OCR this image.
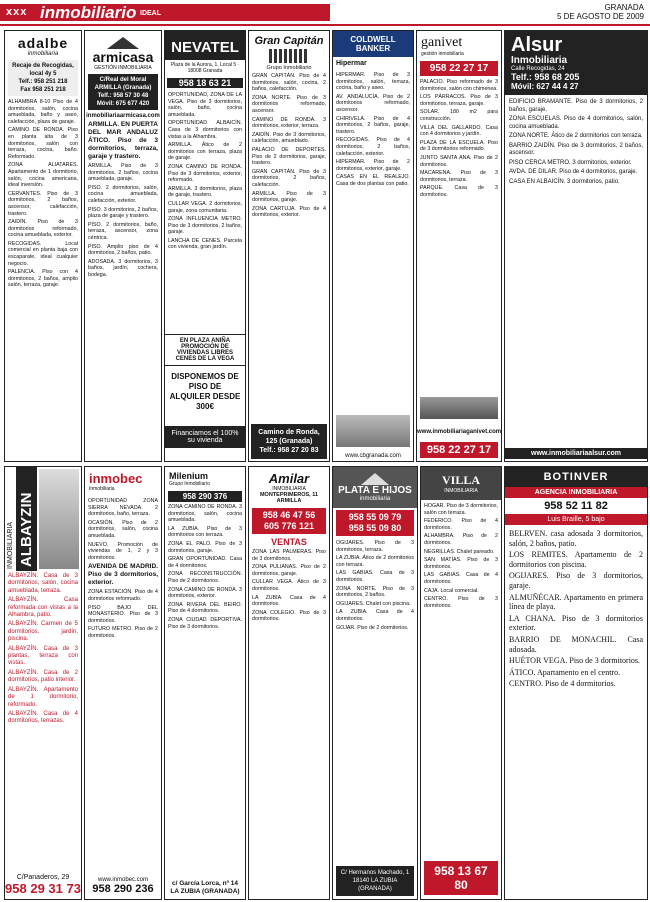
xxx inmobiliario IDEAL
GRANADA
5 DE AGOSTO DE 2009
adalbe
inmobiliaria
Recaje de Recogidas, local 4y 5
Telf.: 958 251 218
Fax 958 251 218

ALHAMBRA 8-10 Piso de 4 dormitorios, salón, cocina amueblada, baño y aseo, calefacción, plaza de garaje.

CAMINO DE RONDA. Piso en planta alta de 3 dormitorios, salón con terraza, cocina, baño. Reformado.

ZONA ALIATARES. Apartamento de 1 dormitorio, salón, cocina americana, ideal inversión.

CERVANTES. Piso de 3 dormitorios, 2 baños, ascensor, calefacción, trastero.

ZAIDÍN. Piso de 3 dormitorios reformado, cocina amueblada, exterior.

RECOGIDAS. Local comercial en planta baja con escaparate, ideal cualquier negocio.

PALENCIA. Piso con 4 dormitorios, 2 baños, amplio salón, terraza, garaje.

armicasa
GESTIÓN INMOBILIARIA
C/Real del Moral ARMILLA (Granada)
Telf.: 958 57 30 48
Móvil: 675 677 420
inmobiliariaarmicasa.com

ARMILLA. EN PUERTA DEL MAR ANDALUZ ÁTICO. Piso de 3 dormitorios, terraza, garaje y trastero.

ARMILLA. Piso de 3 dormitorios, 2 baños, cocina amueblada, garaje.

PISO. 2 dormitorios, salón, cocina amueblada, calefacción, exterior.

PISO. 3 dormitorios, 2 baños, plaza de garaje y trastero.

PISO. 2 dormitorios, baño, terraza, ascensor, zona céntrica.

PISO. Amplio piso de 4 dormitorios, 2 baños, patio.

ADOSADA. 3 dormitorios, 3 baños, jardín, cochera, bodega.

NEVATEL
Plaza de la Aurora, 1. Local 5 · 18008 Granada
958 18 63 21

OPORTUNIDAD, ZONA DE LA VEGA. Piso de 3 dormitorios, salón, baño, cocina amueblada.

OPORTUNIDAD ALBAICÍN. Casa de 3 dormitorios con vistas a la Alhambra.

ARMILLA. Ático de 2 dormitorios con terraza, plaza de garaje.

ZONA CAMINO DE RONDA. Piso de 3 dormitorios, exterior, reformado.

ARMILLA. 3 dormitorios, plaza de garaje, trastero.

CULLAR VEGA. 2 dormitorios, garaje, zona comunitaria.

ZONA INFLUENCIA METRO. Piso de 3 dormitorios, 2 baños, garaje.

LANCHA DE CENES. Parcela con vivienda, gran jardín.

EN PLAZA ANIÑA PROMOCIÓN DE VIVIENDAS LIBRES CENES DE LA VEGA
DISPONEMOS DE PISO DE ALQUILER DESDE 300€
Financiamos el 100% su vivienda
Gran Capitán
Grupo Inmobiliario

GRAN CAPITÁN. Piso de 4 dormitorios, salón, cocina, 2 baños, calefacción.

ZONA NORTE. Piso de 3 dormitorios reformado, ascensor.

CAMINO DE RONDA. 3 dormitorios, exterior, terraza.

ZAIDÍN. Piso de 3 dormitorios, calefacción, amueblado.

PALACIO DE DEPORTES. Piso de 2 dormitorios, garaje, trastero.

GRAN CAPITÁN. Piso de 3 dormitorios, 2 baños, calefacción.

ARMILLA. Piso de 3 dormitorios, garaje.

ZONA CARTUJA. Piso de 4 dormitorios, exterior.

Camino de Ronda, 125 (Granada)
Telf.: 958 27 20 83
COLDWELL BANKER
Hipermar

HIPERMAR. Piso de 3 dormitorios, salón, terraza, cocina, baño y aseo.

AV. ANDALUCÍA. Piso de 2 dormitorios reformado, ascensor.

CHIRIVELA. Piso de 4 dormitorios, 2 baños, garaje, trastero.

RECOGIDAS. Piso de 4 dormitorios, 2 baños, calefacción, exterior.

HIPERMAR. Piso de 2 dormitorios, exterior, garaje.

CASAS EN EL REALEJO. Casa de dos plantas con patio.

www.cbgranada.com
ganivet
gestión inmobiliaria
958 22 27 17

PALACIO. Piso reformado de 3 dormitorios, salón con chimenea.

LOS PÁRRACOS. Piso de 3 dormitorios, terraza, garaje.

SOLAR. 180 m2 para construcción.

VILLA DEL GALLARDO. Casa con 4 dormitorios y jardín.

PLAZA DE LA ESCUELA. Piso de 3 dormitorios reformado.

JUNTO SANTA ANA. Piso de 2 dormitorios.

MACARENA. Piso de 3 dormitorios, terraza.

PARQUE. Casa de 3 dormitorios.

www.inmobiliariaganivet.com
958 22 27 17
Alsur
Inmobiliaria
Calle Recogidas, 24
Telf.: 958 68 205
Móvil: 627 44 4 27

EDIFICIO BRAMANTE. Piso de 3 dormitorios, 2 baños, garaje.

ZONA ESCUELAS. Piso de 4 dormitorios, salón, cocina amueblada.

ZONA NORTE. Ático de 2 dormitorios con terraza.

BARRIO ZAIDÍN. Piso de 3 dormitorios, 2 baños, ascensor.

PISO CERCA METRO. 3 dormitorios, exterior.

AVDA. DE DILAR. Piso de 4 dormitorios, garaje.

CASA EN ALBAICÍN. 3 dormitorios, patio.

www.inmobiliariaalsur.com
INMOBILIARIA ALBAYZIN

ALBAYZÍN. Casa de 3 dormitorios, salón, cocina amueblada, terraza.

ALBAYZÍN. Casa reformada con vistas a la Alhambra, patio.

ALBAYZÍN. Carmen de 5 dormitorios, jardín, piscina.

ALBAYZÍN. Casa de 3 plantas, terraza con vistas.

ALBAYZÍN. Casa de 2 dormitorios, patio interior.

ALBAYZÍN. Apartamento de 1 dormitorio, reformado.

ALBAYZÍN. Casa de 4 dormitorios, terrazas.

C/Panaderos, 29
958 29 31 73
inmobec
Inmobiliaria

OPORTUNIDAD ZONA SIERRA NEVADA. 2 dormitorios, baño, terraza.

OCASIÓN. Piso de 2 dormitorios, salón, cocina amueblada.

NUEVO. Promoción de viviendas de 1, 2 y 3 dormitorios.

AVENIDA DE MADRID. Piso de 3 dormitorios, exterior.

ZONA ESTACIÓN. Piso de 4 dormitorios reformado.

PISO BAJO DEL MONASTERIO. Piso de 3 dormitorios.

FUTURO METRO. Piso de 2 dormitorios.

www.inmobec.com
958 290 236
Milenium
Grupo Inmobiliario
958 290 376

ZONA CAMINO DE RONDA. 3 dormitorios, salón, cocina amueblada.

LA ZUBIA. Piso de 3 dormitorios con terraza.

ZONA EL PALO. Piso de 3 dormitorios, garaje.

GRAN OPORTUNIDAD. Casa de 4 dormitorios.

ZONA RECONSTRUCCIÓN. Piso de 2 dormitorios.

ZONA CAMINO DE RONDA. 3 dormitorios, exterior.

ZONA RIVERA DEL BEIRO. Piso de 4 dormitorios.

ZONA CIUDAD DEPORTIVA. Piso de 3 dormitorios.

c/ García Lorca, nº 14 LA ZUBIA (GRANADA)
Amilar
INMOBILIARIA
MONTEPRIMEROS, 11 ARMILLA
958 46 47 56
605 776 121
VENTAS

ZONA LAS PALMERAS. Piso de 3 dormitorios.

ZONA PULIANAS. Piso de 2 dormitorios, garaje.

CULLAR VEGA. Ático de 3 dormitorios.

LA ZUBIA. Casa de 4 dormitorios.

ZONA COLEGIO. Piso de 3 dormitorios.

PLATA E HIJOS
inmobiliaria
958 55 09 79
958 55 09 80

OGIJARES. Piso de 3 dormitorios, terraza.

LA ZUBIA. Ático de 2 dormitorios con terraza.

LAS GABIAS. Casa de 3 dormitorios.

ZONA NORTE. Piso de 3 dormitorios, 2 baños.

OGIJARES. Chalet con piscina.

LA ZUBIA. Casa de 4 dormitorios.

GOJAR. Piso de 2 dormitorios.

C/ Hermanos Machado, 1 18140 LA ZUBIA (GRANADA)
VILLA
INMOBILIARIA

HOGAR. Piso de 3 dormitorios, salón con terraza.

FEDERICO. Piso de 4 dormitorios.

ALHAMBRA. Piso de 2 dormitorios.

NEGRILLAS. Chalet pareado.

SAN MATÍAS. Piso de 3 dormitorios.

LAS GABIAS. Casa de 4 dormitorios.

CAJA. Local comercial.

CENTRO. Piso de 3 dormitorios.

958 13 67 80
BOTINVER
AGENCIA INMOBILIARIA
958 52 11 82
Luis Braille, 5 bajo

BELRVEN. casa adosada 3 dormitorios, salón, 2 baños, patio.

LOS REMITES. Apartamento de 2 dormitorios con piscina.

OGIJARES. Piso de 3 dormitorios, garaje.

ALMUÑÉCAR. Apartamento en primera línea de playa.

LA CHANA. Piso de 3 dormitorios exterior.

BARRIO DE MONACHIL. Casa adosada.

HUÉTOR VEGA. Piso de 3 dormitorios.

ÁTICO. Apartamento en el centro.

CENTRO. Piso de 4 dormitorios.
